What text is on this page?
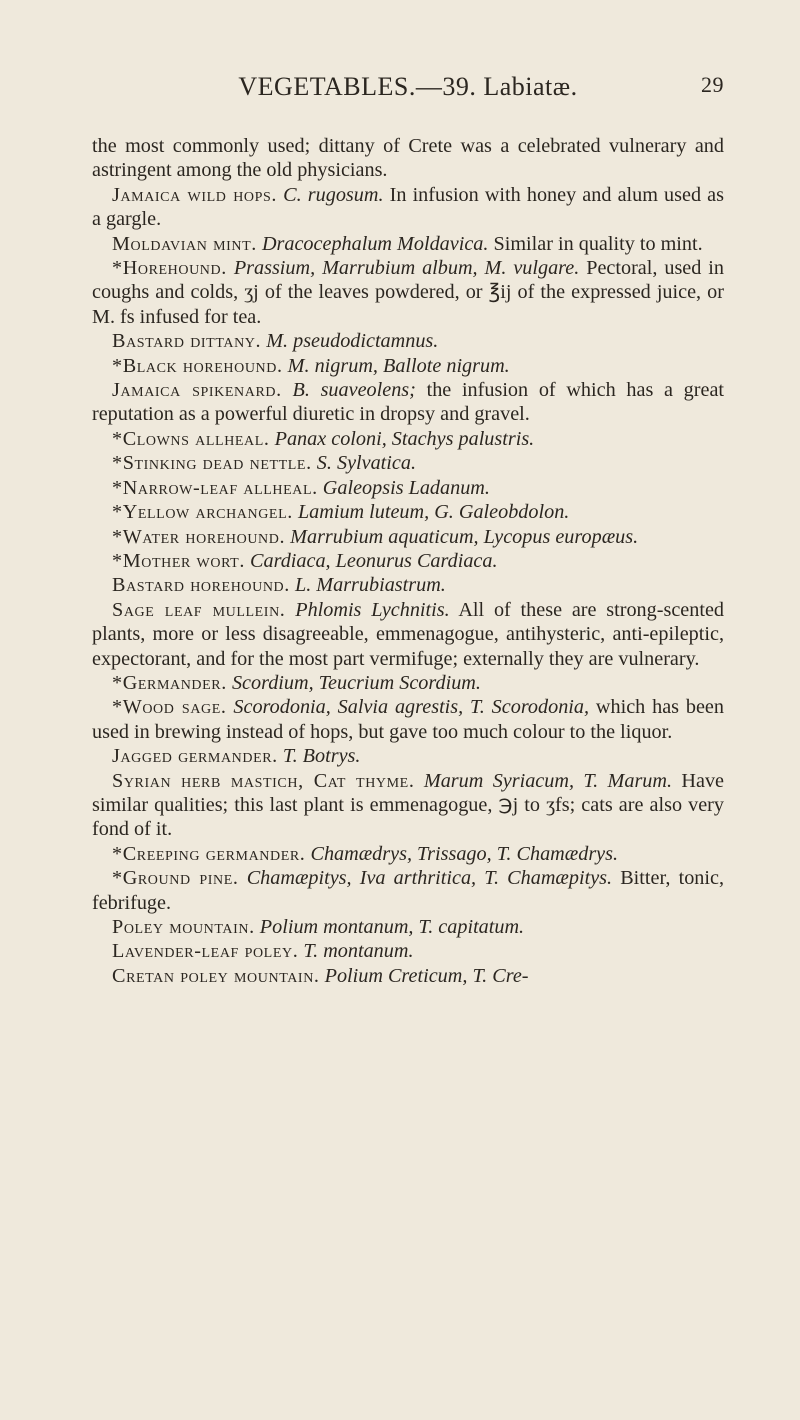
VEGETABLES.—39. Labiatæ.	29

the most commonly used; dittany of Crete was a celebrated vulnerary and astringent among the old physicians.

Jamaica wild hops. C. rugosum. In infusion with honey and alum used as a gargle.

Moldavian mint. Dracocephalum Moldavica. Similar in quality to mint.

*Horehound. Prassium, Marrubium album, M. vulgare. Pectoral, used in coughs and colds, ʒj of the leaves powdered, or ℥ij of the expressed juice, or M. fs infused for tea.

Bastard dittany. M. pseudodictamnus.

*Black horehound. M. nigrum, Ballote nigrum.

Jamaica spikenard. B. suaveolens; the infusion of which has a great reputation as a powerful diuretic in dropsy and gravel.

*Clowns allheal. Panax coloni, Stachys palustris.

*Stinking dead nettle. S. Sylvatica.

*Narrow-leaf allheal. Galeopsis Ladanum.

*Yellow archangel. Lamium luteum, G. Galeobdolon.

*Water horehound. Marrubium aquaticum, Lycopus europæus.

*Mother wort. Cardiaca, Leonurus Cardiaca.

Bastard horehound. L. Marrubiastrum.

Sage leaf mullein. Phlomis Lychnitis. All of these are strong-scented plants, more or less disagreeable, emmenagogue, antihysteric, anti-epileptic, expectorant, and for the most part vermifuge; externally they are vulnerary.

*Germander. Scordium, Teucrium Scordium.

*Wood sage. Scorodonia, Salvia agrestis, T. Scorodonia, which has been used in brewing instead of hops, but gave too much colour to the liquor.

Jagged germander. T. Botrys.

Syrian herb mastich, Cat thyme. Marum Syriacum, T. Marum. Have similar qualities; this last plant is emmenagogue, ℈j to ʒfs; cats are also very fond of it.

*Creeping germander. Chamædrys, Trissago, T. Chamædrys.

*Ground pine. Chamæpitys, Iva arthritica, T. Chamæpitys. Bitter, tonic, febrifuge.

Poley mountain. Polium montanum, T. capitatum.

Lavender-leaf poley. T. montanum.

Cretan poley mountain. Polium Creticum, T. Cre-
